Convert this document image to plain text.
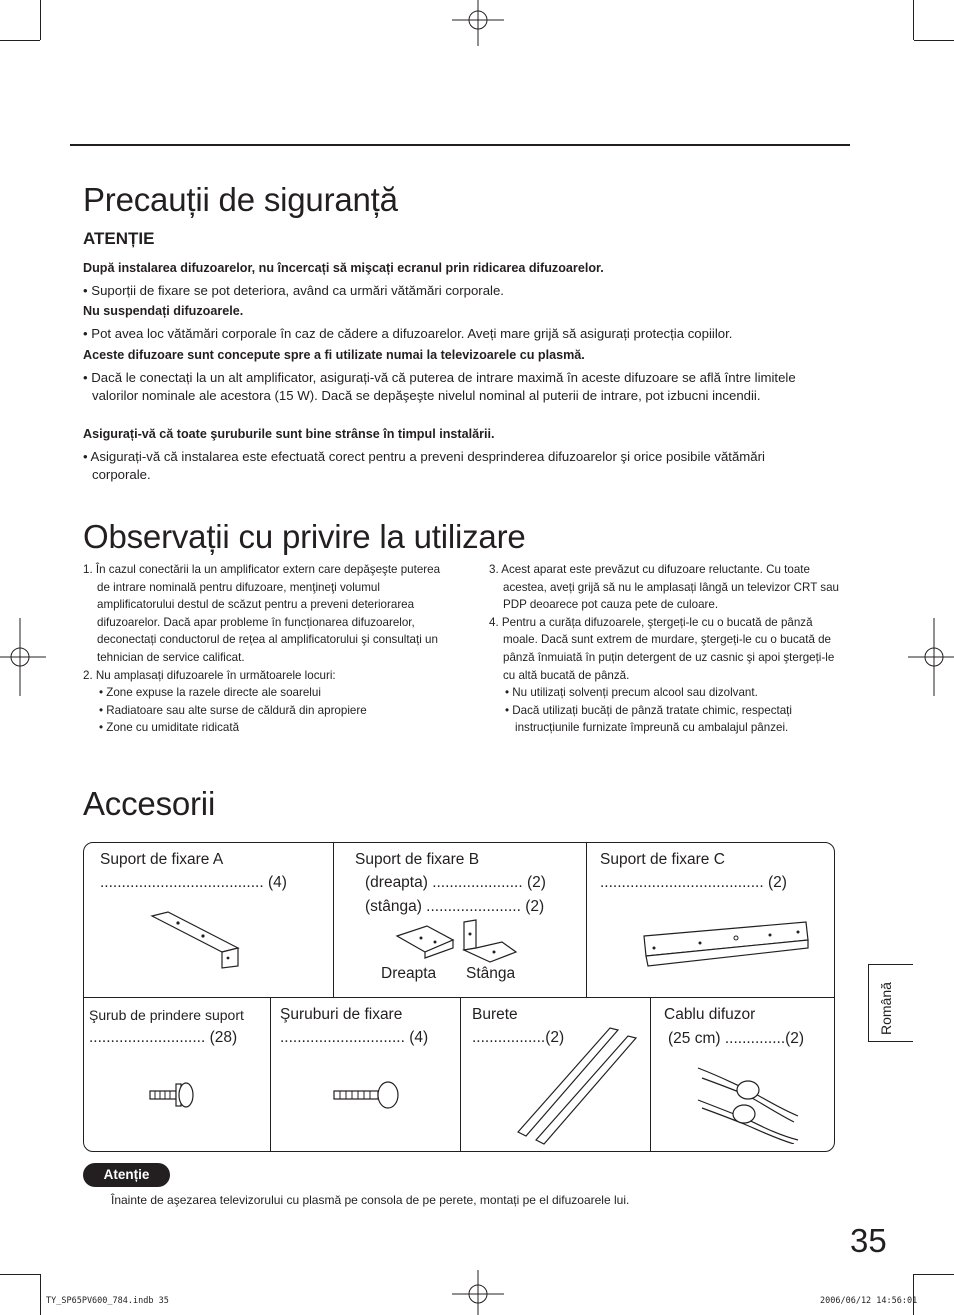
Precauții de siguranță
ATENȚIE

După instalarea difuzoarelor, nu încercați să mişcați ecranul prin ridicarea difuzoarelor.

• Suporții de fixare se pot deteriora, având ca urmări vătămări corporale.

Nu suspendați difuzoarele.

• Pot avea loc vătămări corporale în caz de cădere a difuzoarelor. Aveți mare grijă să asigurați protecția copiilor.

Aceste difuzoare sunt concepute spre a fi utilizate numai la televizoarele cu plasmă.

• Dacă le conectați la un alt amplificator, asigurați-vă că puterea de intrare maximă în aceste difuzoare se află între limitele valorilor nominale ale acestora (15 W). Dacă se depăşeşte nivelul nominal al puterii de intrare, pot izbucni incendii.

Asigurați-vă că toate şuruburile sunt bine strânse în timpul instalării.

• Asigurați-vă că instalarea este efectuată corect pentru a preveni desprinderea difuzoarelor şi orice posibile vătămări corporale.

Observații cu privire la utilizare
1. În cazul conectării la un amplificator extern care depăşeşte puterea de intrare nominală pentru difuzoare, menţineţi volumul amplificatorului destul de scăzut pentru a preveni deteriorarea difuzoarelor. Dacă apar probleme în funcționarea difuzoarelor, deconectați conductorul de rețea al amplificatorului şi consultați un tehnician de service calificat.
2. Nu amplasați difuzoarele în următoarele locuri:
• Zone expuse la razele directe ale soarelui
• Radiatoare sau alte surse de căldură din apropiere
• Zone cu umiditate ridicată
3. Acest aparat este prevăzut cu difuzoare reluctante. Cu toate acestea, aveți grijă să nu le amplasați lângă un televizor CRT sau PDP deoarece pot cauza pete de culoare.
4. Pentru a curăța difuzoarele, ştergeți-le cu o bucată de pânză moale. Dacă sunt extrem de murdare, ştergeți-le cu o bucată de pânză înmuiată în puțin detergent de uz casnic şi apoi ştergeți-le cu altă bucată de pânză.
• Nu utilizați solvenți precum alcool sau dizolvant.
• Dacă utilizați bucăți de pânză tratate chimic, respectați instrucțiunile furnizate împreună cu ambalajul pânzei.
Accesorii
Suport de fixare A
...................................... (4)
Suport de fixare B
(dreapta) ..................... (2)
(stânga) ...................... (2)
Dreapta Stânga
Suport de fixare C
...................................... (2)
Şurub de prindere suport
........................... (28)
Şuruburi de fixare
............................. (4)
Burete
.................(2)
Cablu difuzor
(25 cm) ..............(2)
Română
Atenție
Înainte de aşezarea televizorului cu plasmă pe consola de pe perete, montați pe el difuzoarele lui.
35
TY_SP65PV600_784.indb 35	2006/06/12 14:56:01
